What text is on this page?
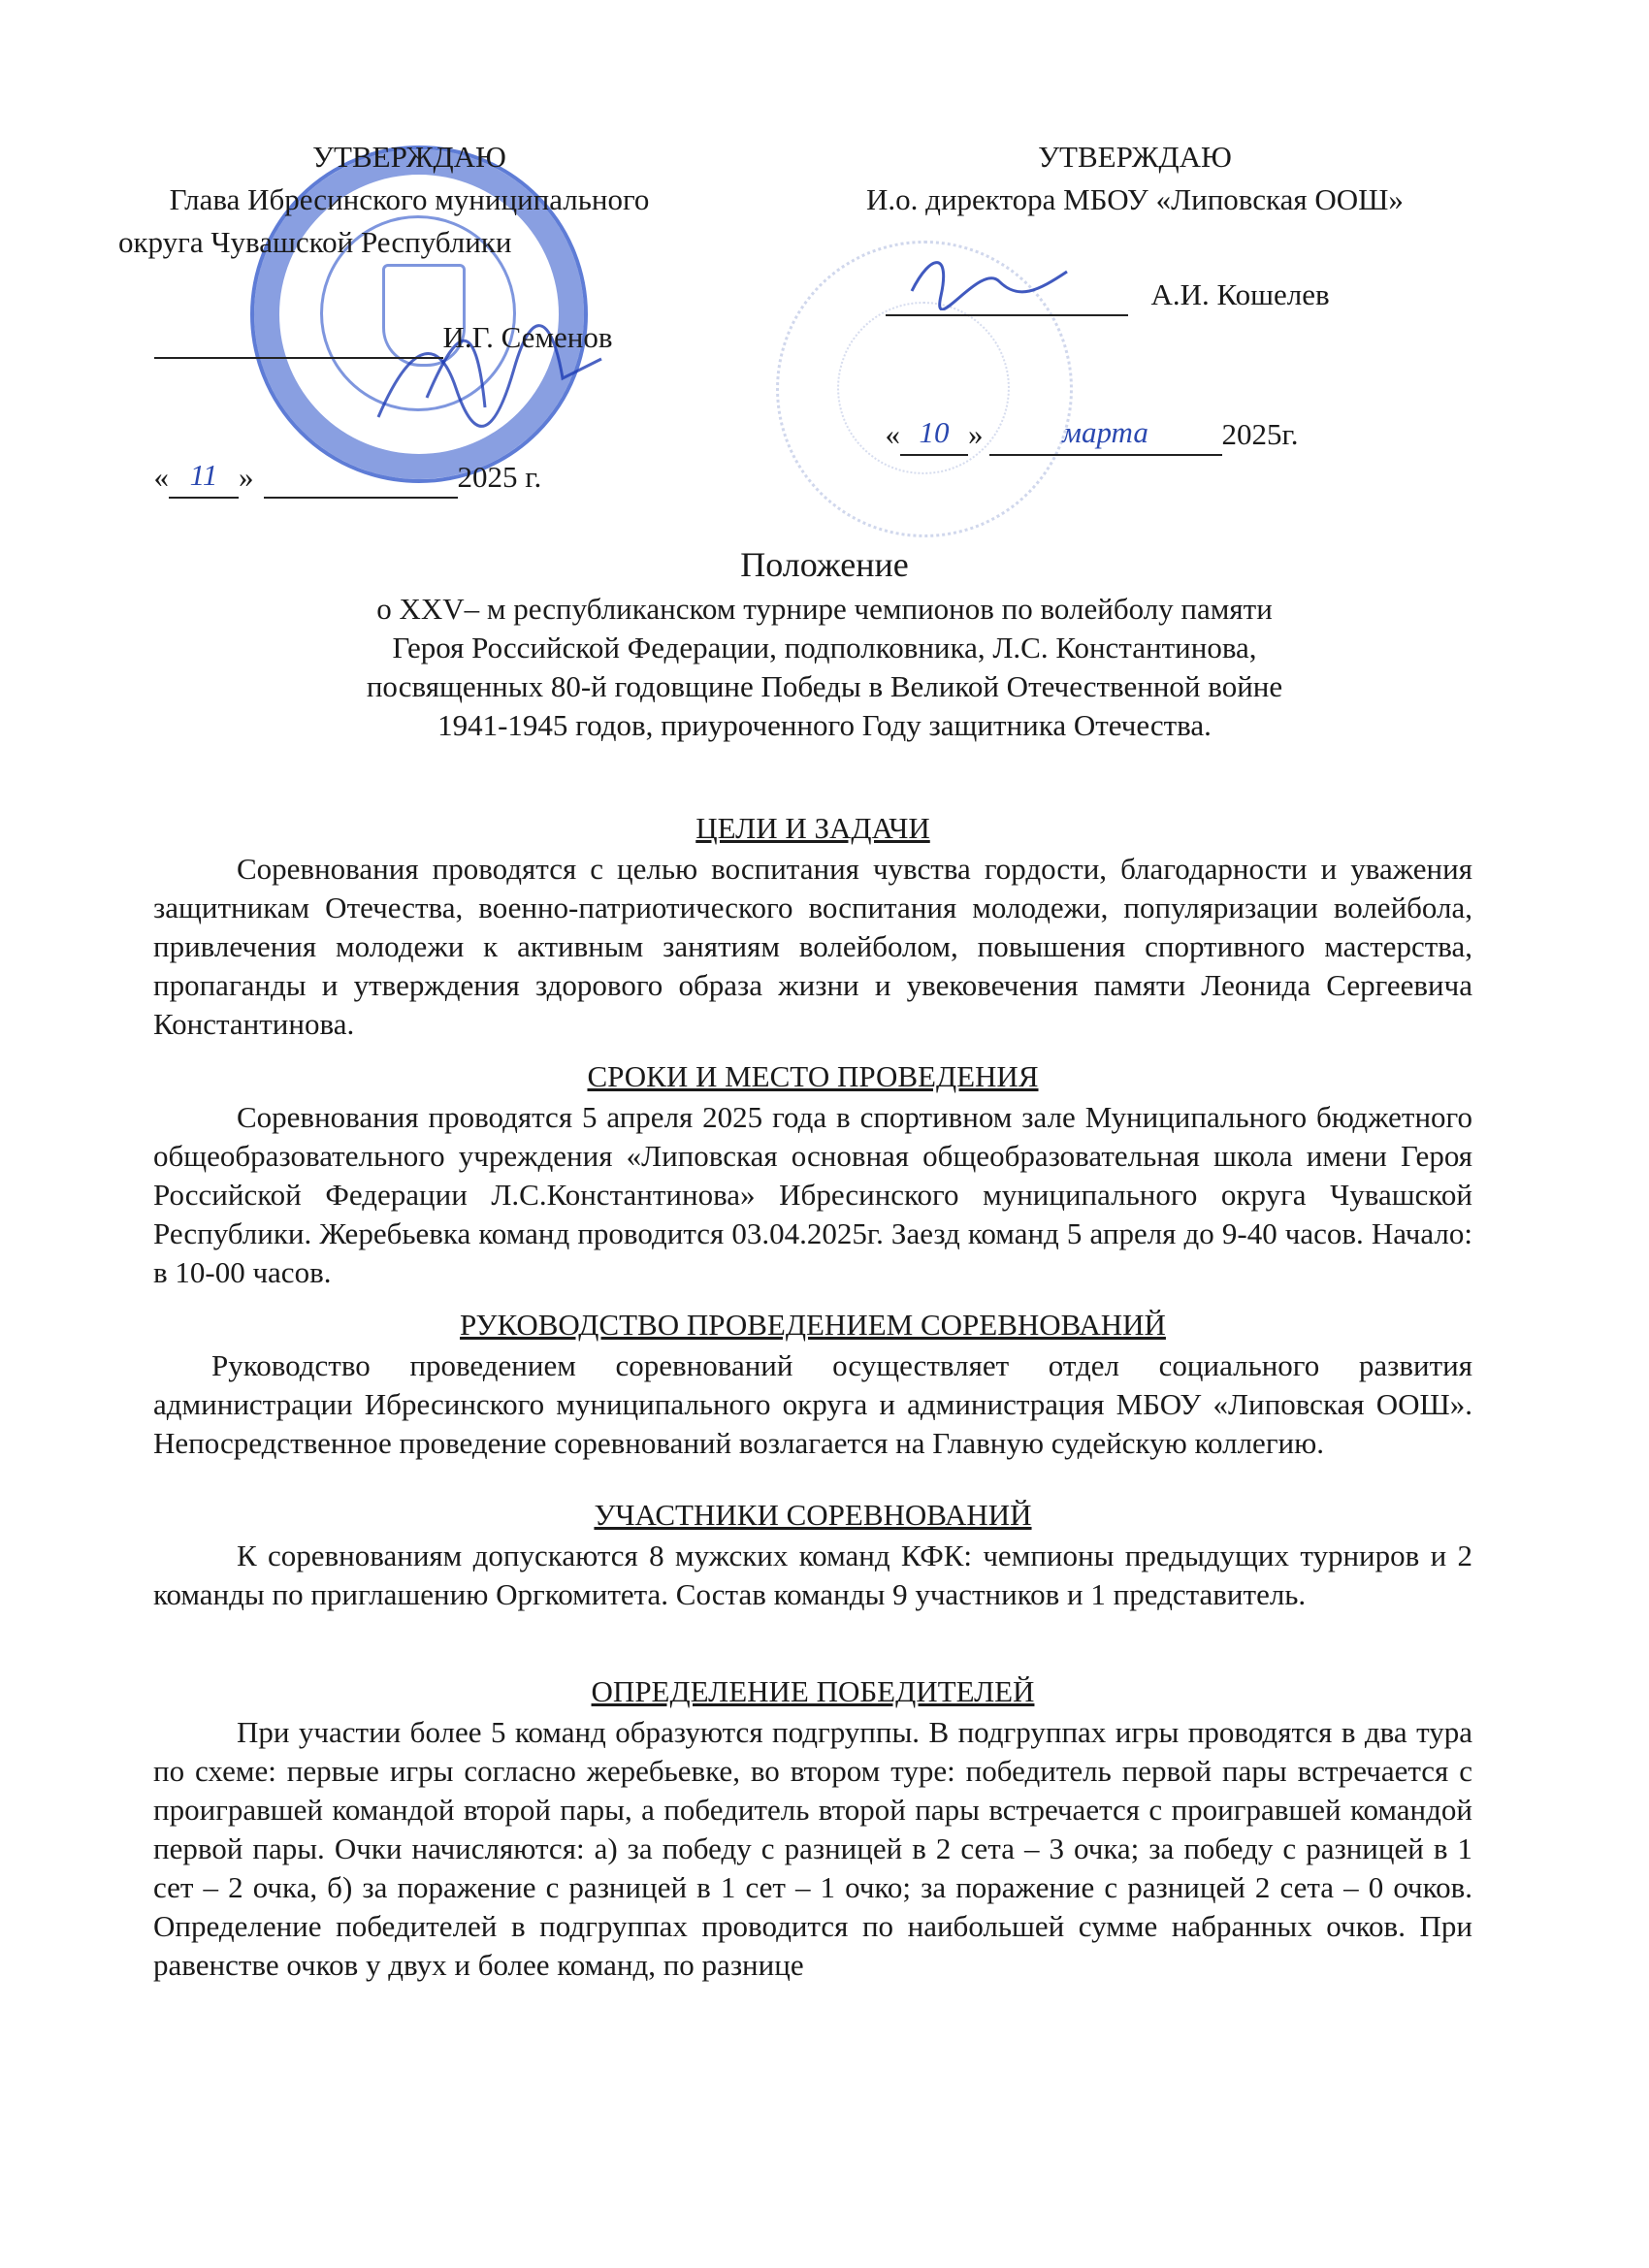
УТВЕРЖДАЮ
Глава Ибресинского муниципального
округа Чувашской Республики

И.Г. Семенов

« 11 »	2025 г.

УТВЕРЖДАЮ
И.о. директора МБОУ «Липовская ООШ»

А.И. Кошелев

« 10 »	марта 2025г.

Положение
о XXV– м республиканском турнире чемпионов по волейболу памяти
Героя Российской Федерации, подполковника, Л.С. Константинова,
посвященных 80-й годовщине Победы в Великой Отечественной войне
1941-1945 годов, приуроченного Году защитника Отечества.
ЦЕЛИ И ЗАДАЧИ

Соревнования проводятся с целью воспитания чувства гордости, благодарности и уважения защитникам Отечества, военно-патриотического воспитания молодежи, популяризации волейбола, привлечения молодежи к активным занятиям волейболом, повышения спортивного мастерства, пропаганды и утверждения здорового образа жизни и увековечения памяти Леонида Сергеевича Константинова.

СРОКИ И МЕСТО ПРОВЕДЕНИЯ

Соревнования проводятся 5 апреля 2025 года в спортивном зале Муниципального бюджетного общеобразовательного учреждения «Липовская основная общеобразовательная школа имени Героя Российской Федерации Л.С.Константинова» Ибресинского муниципального округа Чувашской Республики. Жеребьевка команд проводится 03.04.2025г. Заезд команд 5 апреля до 9-40 часов. Начало: в 10-00 часов.

РУКОВОДСТВО ПРОВЕДЕНИЕМ СОРЕВНОВАНИЙ

Руководство проведением соревнований осуществляет отдел социального развития администрации Ибресинского муниципального округа и администрация МБОУ «Липовская ООШ». Непосредственное проведение соревнований возлагается на Главную судейскую коллегию.

УЧАСТНИКИ СОРЕВНОВАНИЙ

К соревнованиям допускаются 8 мужских команд КФК: чемпионы предыдущих турниров и 2 команды по приглашению Оргкомитета. Состав команды 9 участников и 1 представитель.

ОПРЕДЕЛЕНИЕ ПОБЕДИТЕЛЕЙ

При участии более 5 команд образуются подгруппы. В подгруппах игры проводятся в два тура по схеме: первые игры согласно жеребьевке, во втором туре: победитель первой пары встречается с проигравшей командой второй пары, а победитель второй пары встречается с проигравшей командой первой пары. Очки начисляются: а) за победу с разницей в 2 сета – 3 очка; за победу с разницей в 1 сет – 2 очка, б) за поражение с разницей в 1 сет – 1 очко; за поражение с разницей 2 сета – 0 очков. Определение победителей в подгруппах проводится по наибольшей сумме набранных очков. При равенстве очков у двух и более команд, по разнице
